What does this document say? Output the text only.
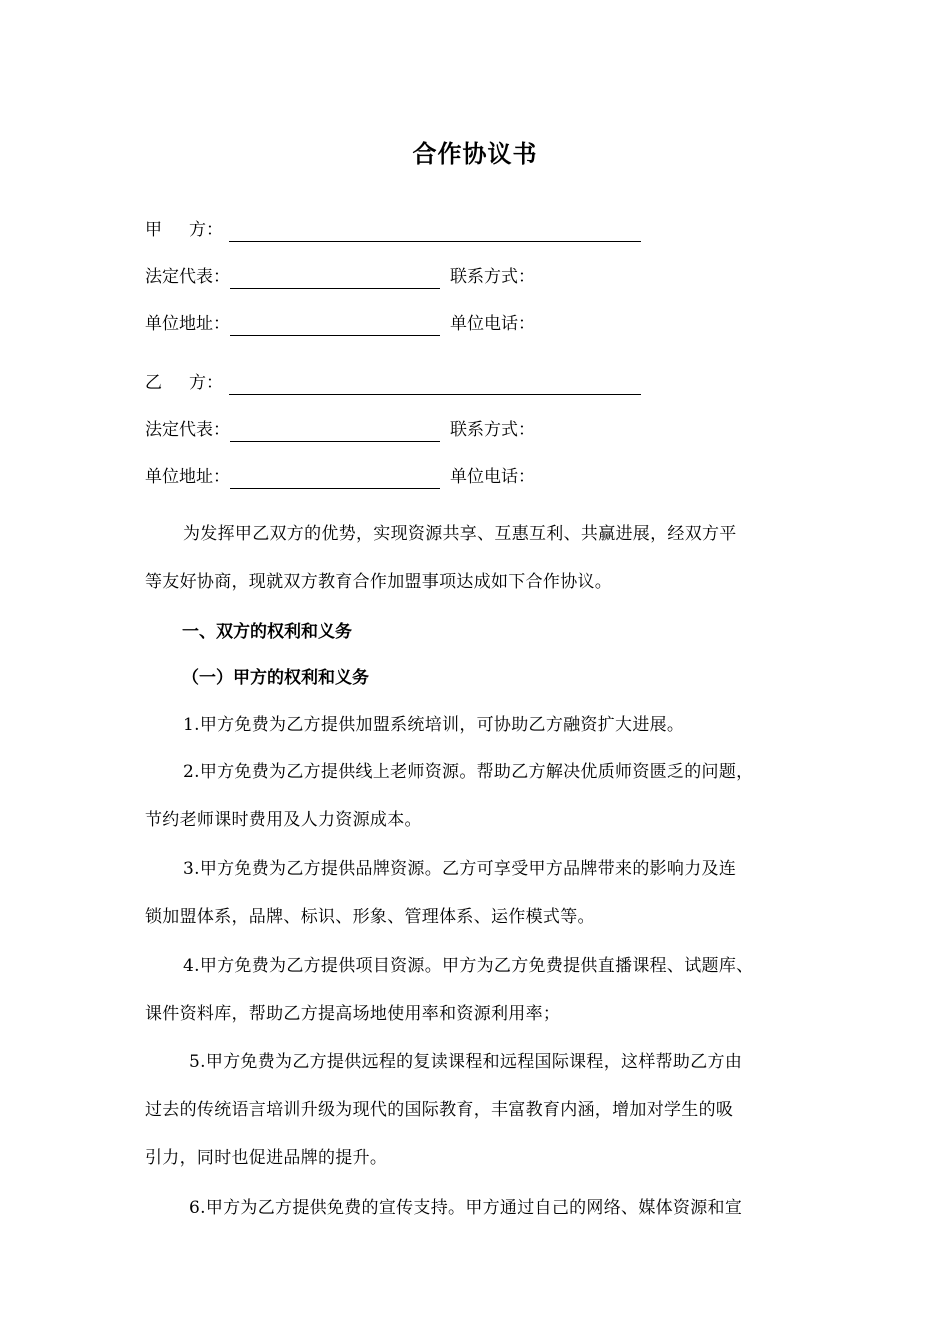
合作协议书
甲 方：
法定代表：	联系方式：
单位地址：	单位电话：
乙 方：
法定代表：	联系方式：
单位地址：	单位电话：
为发挥甲乙双方的优势，实现资源共享、互惠互利、共赢进展，经双方平
等友好协商，现就双方教育合作加盟事项达成如下合作协议。
一、双方的权利和义务
（一）甲方的权利和义务
1.甲方免费为乙方提供加盟系统培训，可协助乙方融资扩大进展。
2.甲方免费为乙方提供线上老师资源。帮助乙方解决优质师资匮乏的问题，
节约老师课时费用及人力资源成本。
3.甲方免费为乙方提供品牌资源。乙方可享受甲方品牌带来的影响力及连
锁加盟体系，品牌、标识、形象、管理体系、运作模式等。
4.甲方免费为乙方提供项目资源。甲方为乙方免费提供直播课程、试题库、
课件资料库，帮助乙方提高场地使用率和资源利用率；
5.甲方免费为乙方提供远程的复读课程和远程国际课程，这样帮助乙方由
过去的传统语言培训升级为现代的国际教育，丰富教育内涵，增加对学生的吸
引力，同时也促进品牌的提升。
6.甲方为乙方提供免费的宣传支持。甲方通过自己的网络、媒体资源和宣
